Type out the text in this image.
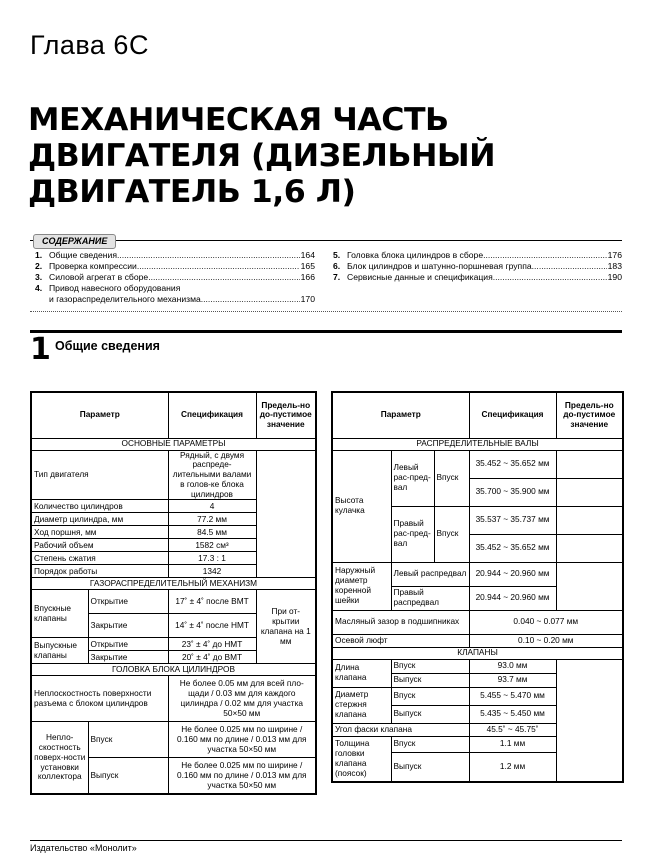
Глава 6С
МЕХАНИЧЕСКАЯ ЧАСТЬ
ДВИГАТЕЛЯ (ДИЗЕЛЬНЫЙ
ДВИГАТЕЛЬ 1,6 Л)
СОДЕРЖАНИЕ
1. Общие сведения .....	164
2. Проверка компрессии .....	165
3. Силовой агрегат в сборе .....	166
4. Привод навесного оборудования
и газораспределительного механизма .....	170
5. Головка блока цилиндров в сборе .....	176
6. Блок цилиндров и шатунно-поршневая группа .....	183
7. Сервисные данные и спецификация .....	190
1 Общие сведения
Параметр		Спецификация	Предель-но до-пустимое значение
ОСНОВНЫЕ ПАРАМЕТРЫ			
Тип двигателя		Рядный, с двумя распреде-лительными валами в голов-ке блока цилиндров	
Количество цилиндров		4	
Диаметр цилиндра, мм		77.2 мм	
Ход поршня, мм		84.5 мм	
Рабочий объем		1582 см³	
Степень сжатия		17.3 : 1	
Порядок работы		1342	
ГАЗОРАСПРЕДЕЛИТЕЛЬНЫЙ МЕХАНИЗМ			
Впускные клапаны	Открытие	17˚ ± 4˚ после ВМТ	При от-крытии клапана на 1 мм
	Закрытие	14˚ ± 4˚ после НМТ	
Выпускные клапаны	Открытие	23˚ ± 4˚ до НМТ	
	Закрытие	20˚ ± 4˚ до ВМТ	
ГОЛОВКА БЛОКА ЦИЛИНДРОВ			
Неплоскостность поверхности разъема с блоком цилиндров		Не более 0.05 мм для всей пло-щади / 0.03 мм для каждого цилиндра / 0.02 мм для участка 50×50 мм	
Непло-скостность поверх-ности установки коллектора	Впуск	Не более 0.025 мм по ширине / 0.160 мм по длине / 0.013 мм для участка 50×50 мм	
	Выпуск	Не более 0.025 мм по ширине / 0.160 мм по длине / 0.013 мм для участка 50×50 мм	
Параметр			Спецификация	Предель-но до-пустимое значение
РАСПРЕДЕЛИТЕЛЬНЫЕ ВАЛЫ				
Высота кулачка	Левый рас-пред-вал	Впуск	35.452 ~ 35.652 мм	
			35.700 ~ 35.900 мм	
	Правый рас-пред-вал	Впуск	35.537 ~ 35.737 мм	
			35.452 ~ 35.652 мм	
Наружный диаметр коренной шейки	Левый распредвал		20.944 ~ 20.960 мм	
	Правый распредвал		20.944 ~ 20.960 мм	
Масляный зазор в подшипниках			0.040 ~ 0.077 мм	
Осевой люфт			0.10 ~ 0.20 мм	
КЛАПАНЫ				
Длина клапана	Впуск		93.0 мм	
	Выпуск		93.7 мм	
Диаметр стержня клапана	Впуск		5.455 ~ 5.470 мм	
	Выпуск		5.435 ~ 5.450 мм	
Угол фаски клапана			45.5˚ ~ 45.75˚	
Толщина головки клапана (поясок)	Впуск		1.1 мм	
	Выпуск		1.2 мм	
Издательство «Монолит»
